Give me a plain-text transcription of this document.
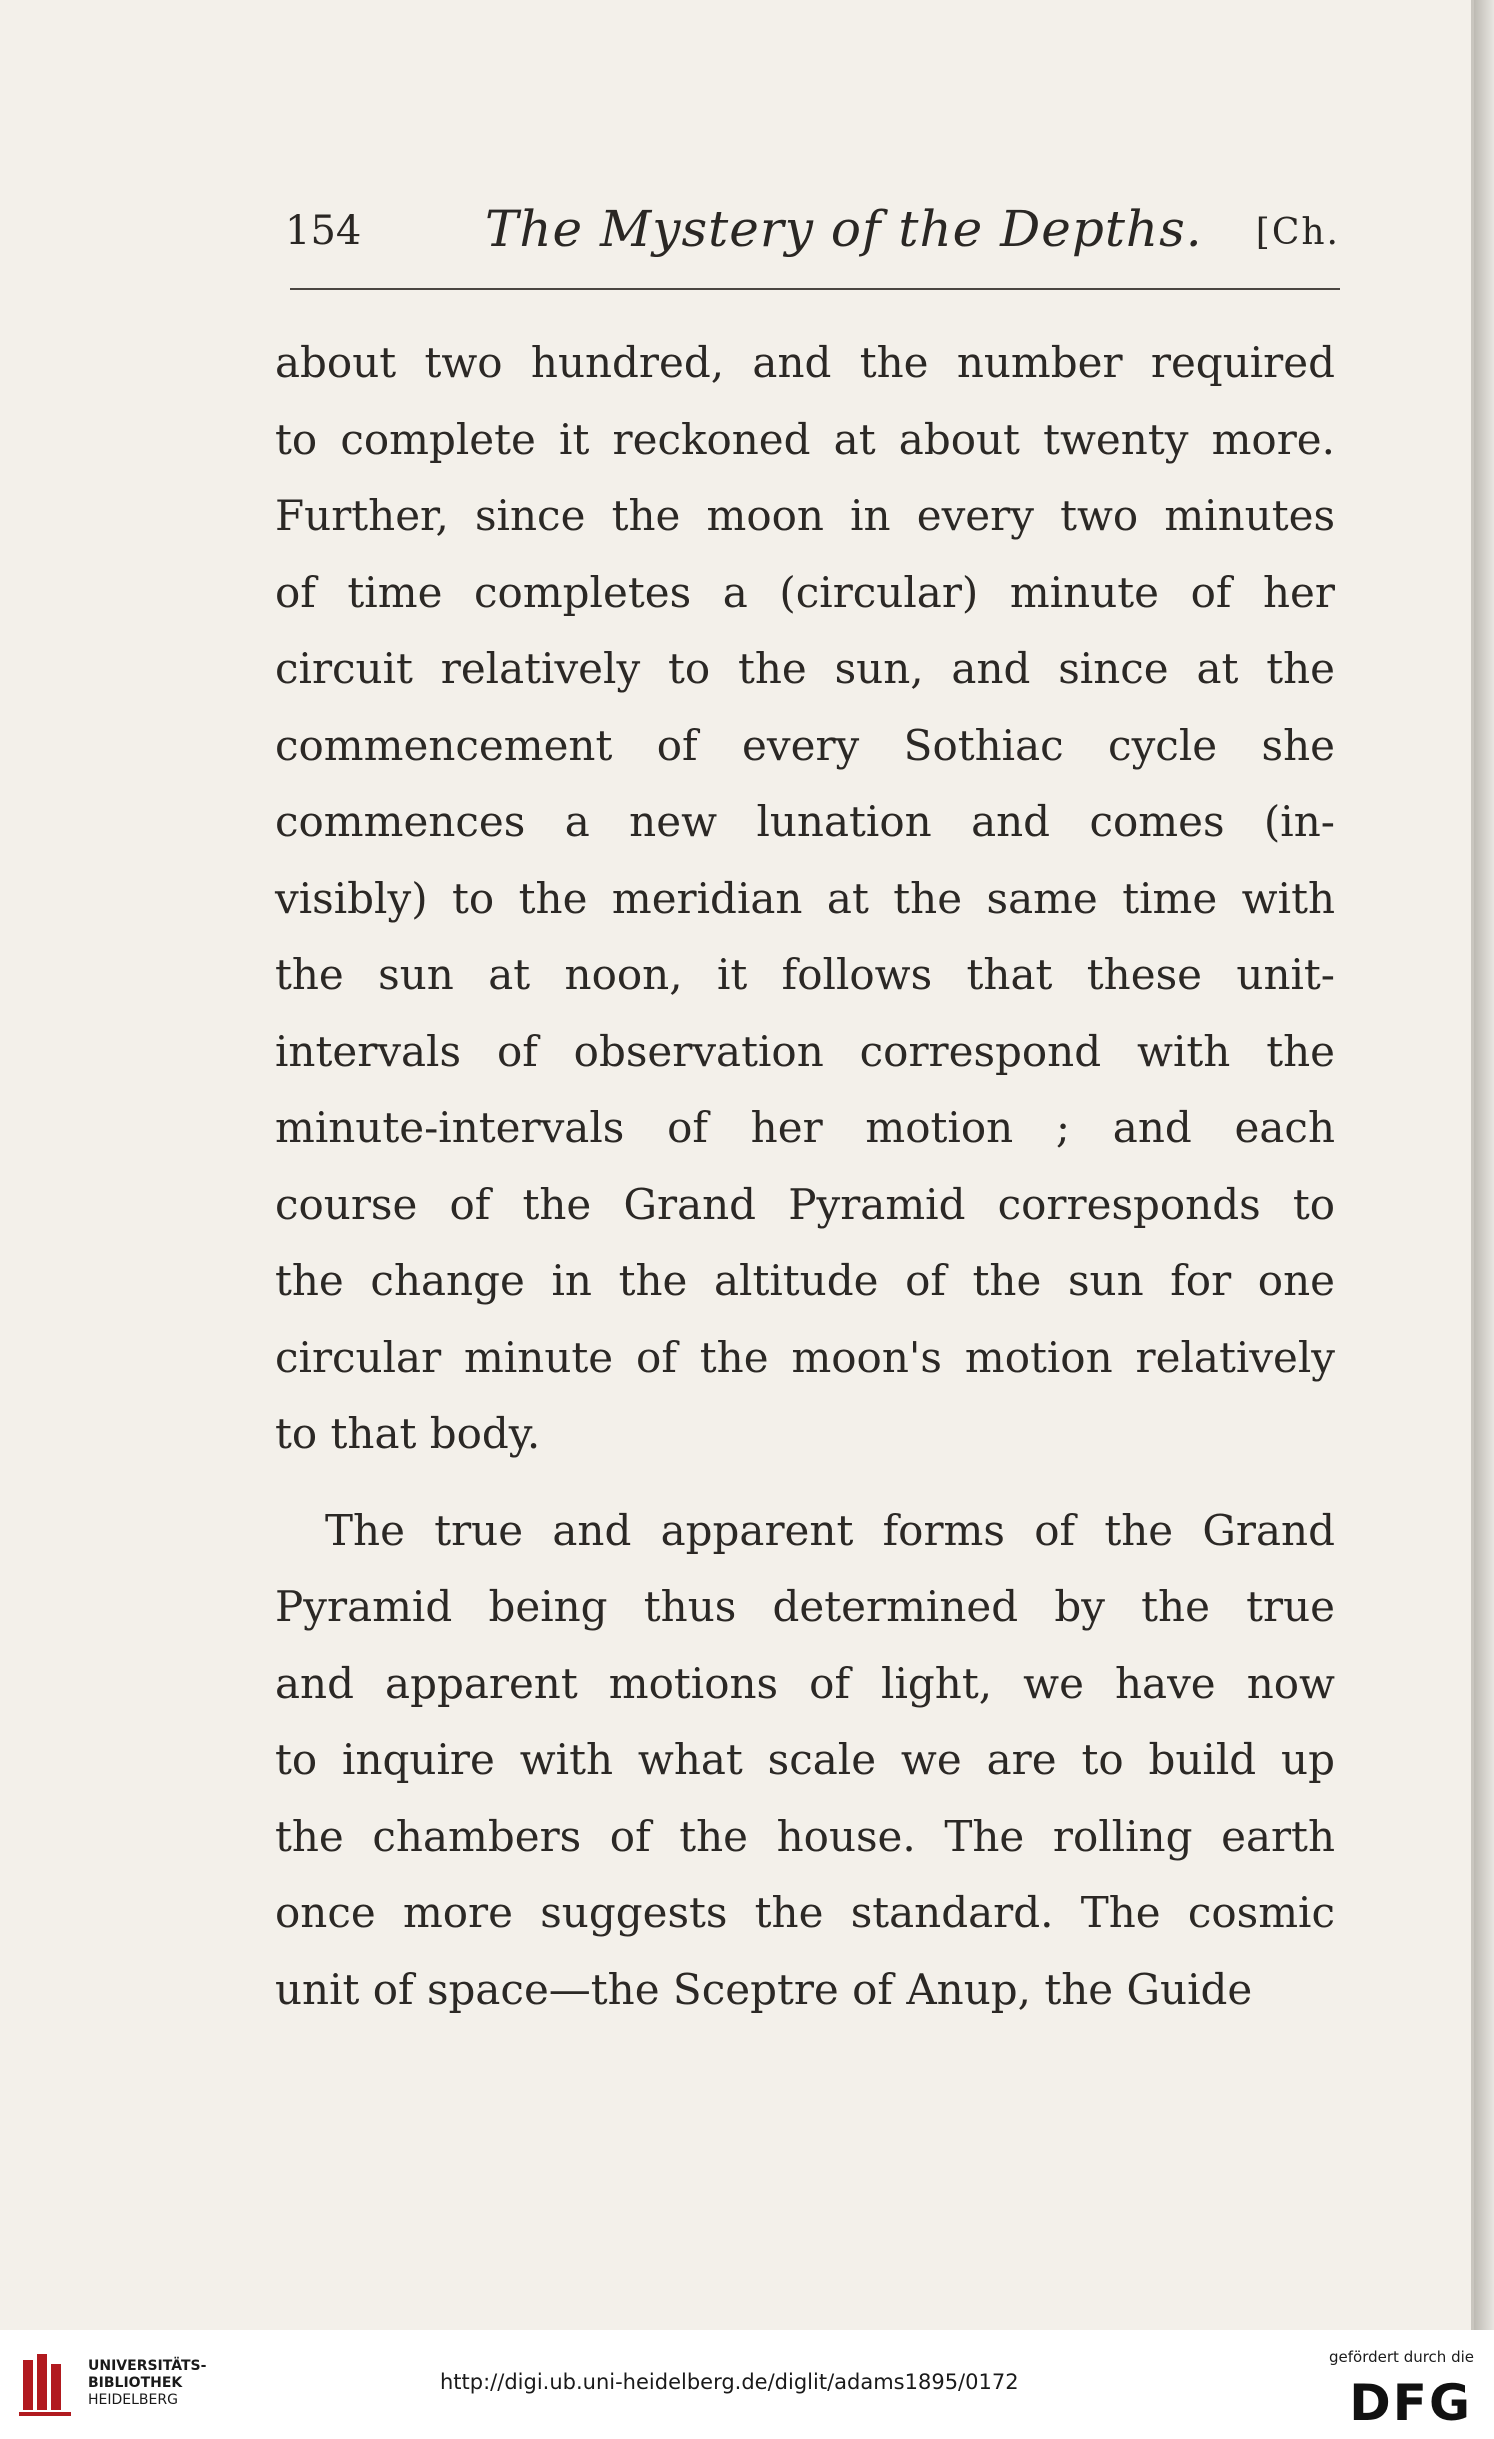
154 The Mystery of the Depths. [Ch.
about two hundred, and the number required
to complete it reckoned at about twenty more.
Further, since the moon in every two minutes
of time completes a (circular) minute of her
circuit relatively to the sun, and since at the
commencement of every Sothiac cycle she
commences a new lunation and comes (in-
visibly) to the meridian at the same time with
the sun at noon, it follows that these unit-
intervals of observation correspond with the
minute-intervals of her motion ; and each
course of the Grand Pyramid corresponds to
the change in the altitude of the sun for one
circular minute of the moon's motion relatively
to that body.
The true and apparent forms of the Grand
Pyramid being thus determined by the true
and apparent motions of light, we have now
to inquire with what scale we are to build up
the chambers of the house. The rolling earth
once more suggests the standard. The cosmic
unit of space—the Sceptre of Anup, the Guide
UNIVERSITÄTS-
BIBLIOTHEK
HEIDELBERG
http://digi.ub.uni-heidelberg.de/diglit/adams1895/0172
gefördert durch die
DFG
